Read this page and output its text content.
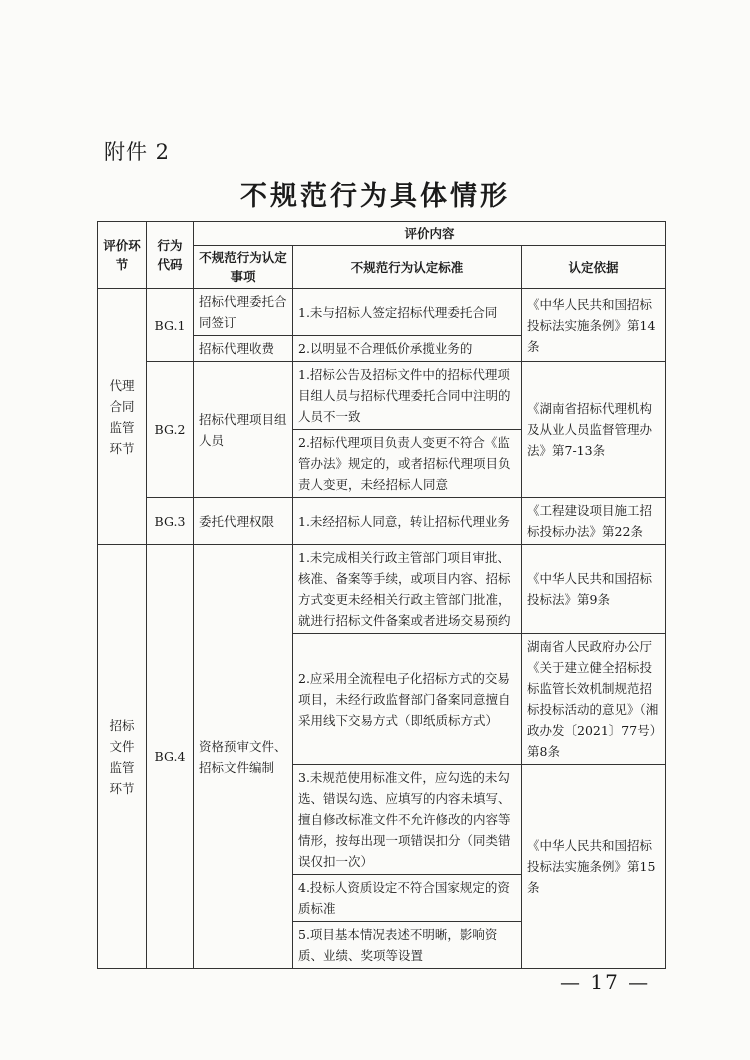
附件 2
不规范行为具体情形
评价环节	行为代码	评价内容		
		不规范行为认定事项	不规范行为认定标准	认定依据
代理合同监管环节	BG.1	招标代理委托合同签订	1.未与招标人签定招标代理委托合同	《中华人民共和国招标投标法实施条例》第14条
		招标代理收费	2.以明显不合理低价承揽业务的	
	BG.2	招标代理项目组人员	1.招标公告及招标文件中的招标代理项目组人员与招标代理委托合同中注明的人员不一致	《湖南省招标代理机构及从业人员监督管理办法》第7-13条
			2.招标代理项目负责人变更不符合《监管办法》规定的，或者招标代理项目负责人变更，未经招标人同意	
	BG.3	委托代理权限	1.未经招标人同意，转让招标代理业务	《工程建设项目施工招标投标办法》第22条
招标文件监管环节	BG.4	资格预审文件、招标文件编制	1.未完成相关行政主管部门项目审批、核准、备案等手续，或项目内容、招标方式变更未经相关行政主管部门批准，就进行招标文件备案或者进场交易预约	《中华人民共和国招标投标法》第9条
			2.应采用全流程电子化招标方式的交易项目，未经行政监督部门备案同意擅自采用线下交易方式（即纸质标方式）	湖南省人民政府办公厅《关于建立健全招标投标监管长效机制规范招标投标活动的意见》（湘政办发〔2021〕77号）第8条
			3.未规范使用标准文件，应勾选的未勾选、错误勾选、应填写的内容未填写、擅自修改标准文件不允许修改的内容等情形，按每出现一项错误扣分（同类错误仅扣一次）	《中华人民共和国招标投标法实施条例》第15条
			4.投标人资质设定不符合国家规定的资质标准	
			5.项目基本情况表述不明晰，影响资质、业绩、奖项等设置	
— 17 —
